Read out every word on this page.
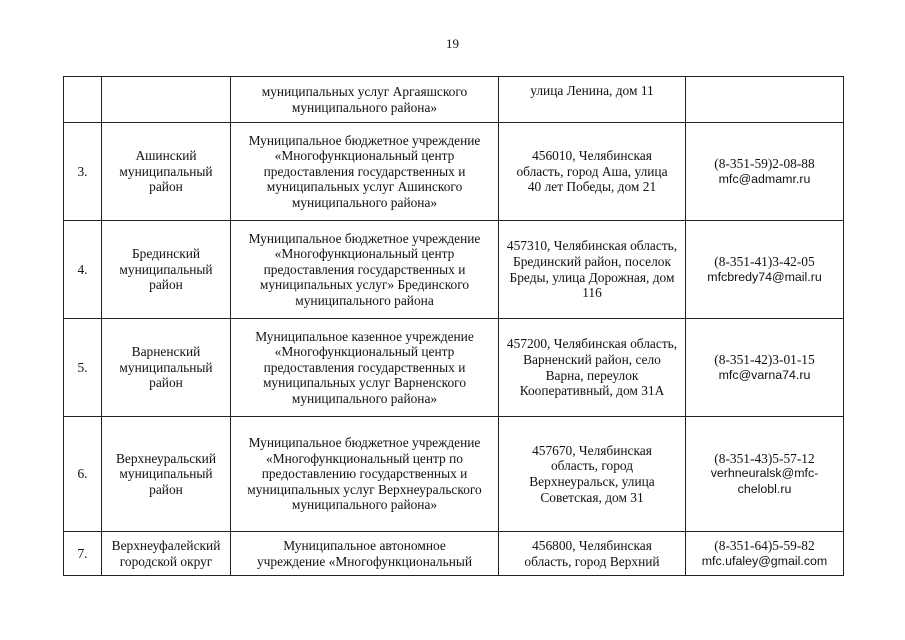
19
		муниципальных услуг Аргаяшского муниципального района»	улица Ленина, дом 11	

3.	Ашинский муниципальный район	Муниципальное бюджетное учреждение «Многофункциональный центр предоставления государственных и муниципальных услуг Ашинского муниципального района»	456010, Челябинская область, город Аша, улица 40 лет Победы, дом 21	(8-351-59)2-08-88
mfc@admamr.ru

4.	Брединский муниципальный район	Муниципальное бюджетное учреждение «Многофункциональный центр предоставления государственных и муниципальных услуг» Брединского муниципального района	457310, Челябинская область, Брединский район, поселок Бреды, улица Дорожная, дом 116	(8-351-41)3-42-05
mfcbredy74@mail.ru

5.	Варненский муниципальный район	Муниципальное казенное учреждение «Многофункциональный центр предоставления государственных и муниципальных услуг Варненского муниципального района»	457200, Челябинская область, Варненский район, село Варна, переулок Кооперативный, дом 31А	(8-351-42)3-01-15
mfc@varna74.ru

6.	Верхнеуральский муниципальный район	Муниципальное бюджетное учреждение «Многофункциональный центр по предоставлению государственных и муниципальных услуг Верхнеуральского муниципального района»	457670, Челябинская область, город Верхнеуральск, улица Советская, дом 31	(8-351-43)5-57-12
verhneuralsk@mfc-chelobl.ru

7.	Верхнеуфалейский городской округ	Муниципальное автономное учреждение «Многофункциональный	456800, Челябинская область, город Верхний	(8-351-64)5-59-82
mfc.ufaley@gmail.com
